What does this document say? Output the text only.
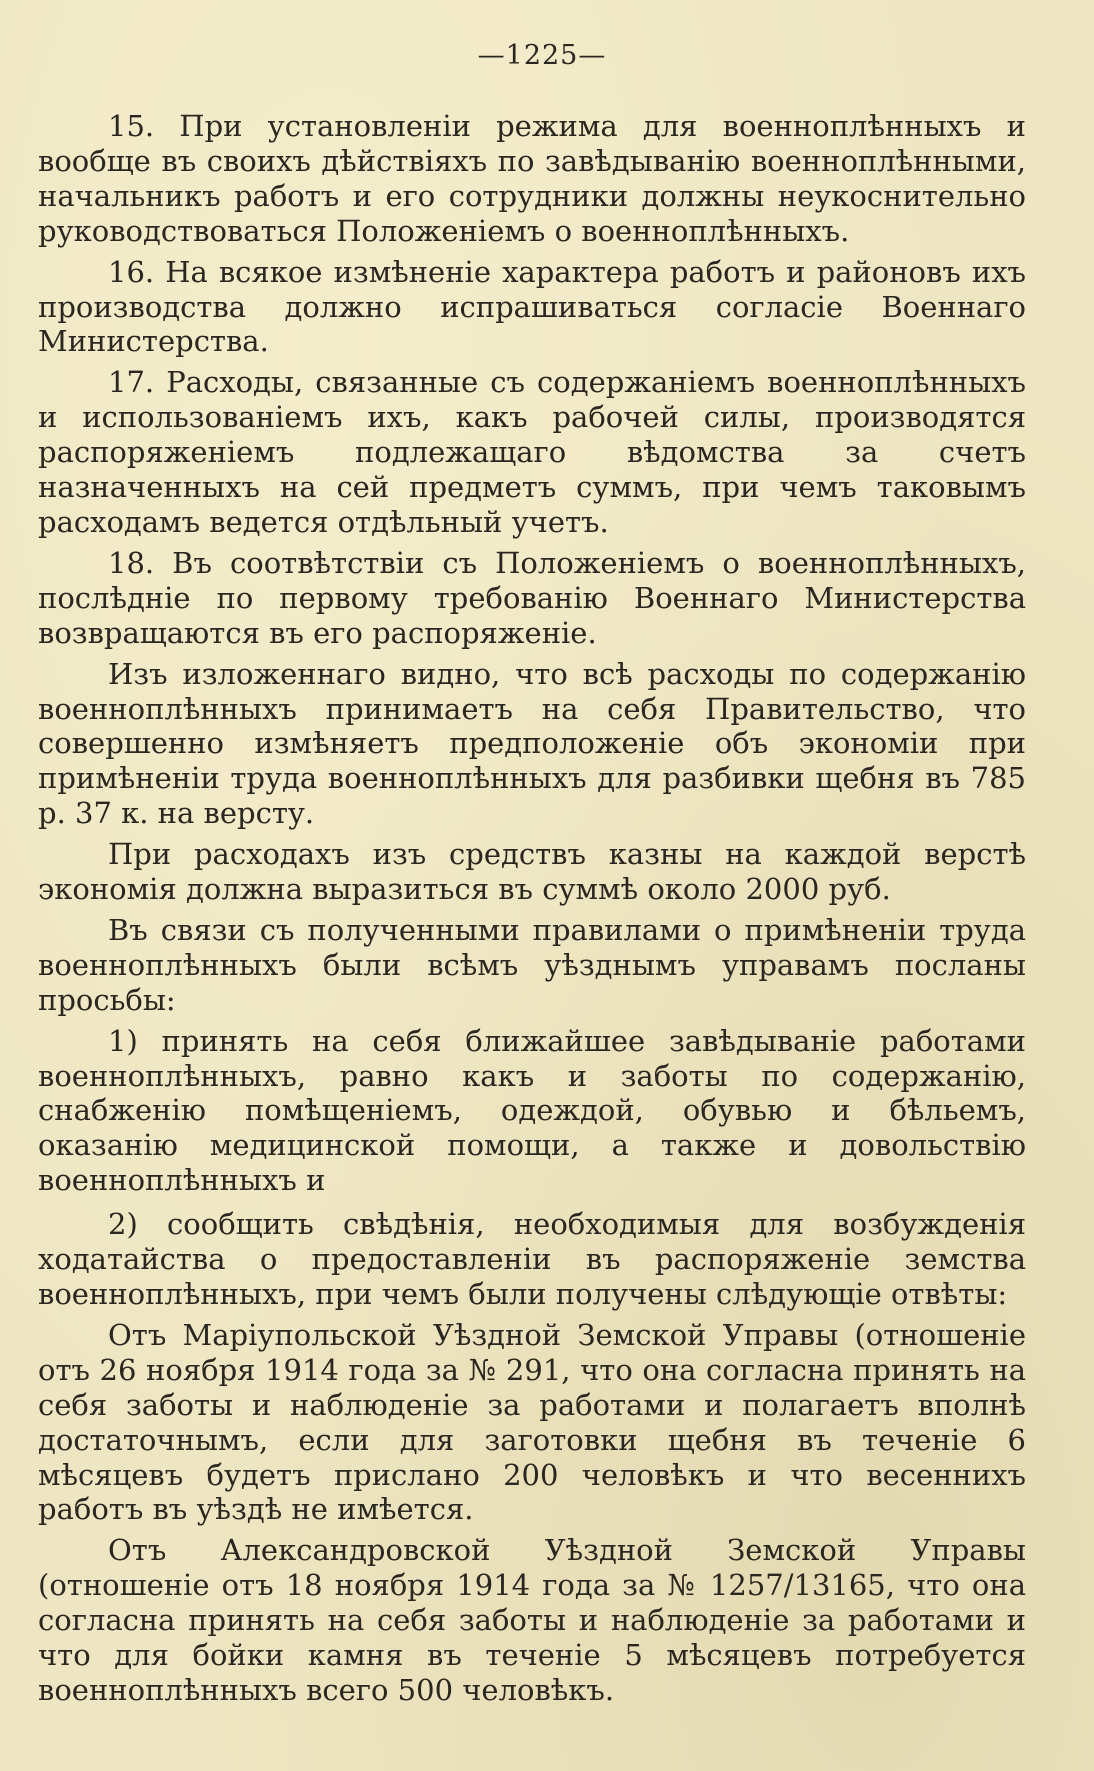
—1225—

15. При установленіи режима для военноплѣнныхъ и вообще въ своихъ дѣйствіяхъ по завѣдыванію военноплѣнными, начальникъ работъ и его сотрудники должны неукоснительно руководствоваться Положеніемъ о военноплѣнныхъ.

16. На всякое измѣненіе характера работъ и районовъ ихъ производства должно испрашиваться согласіе Военнаго Министерства.

17. Расходы, связанные съ содержаніемъ военноплѣнныхъ и использованіемъ ихъ, какъ рабочей силы, производятся распоряженіемъ подлежащаго вѣдомства за счетъ назначенныхъ на сей предметъ суммъ, при чемъ таковымъ расходамъ ведется отдѣльный учетъ.

18. Въ соотвѣтствіи съ Положеніемъ о военноплѣнныхъ, послѣдніе по первому требованію Военнаго Министерства возвращаются въ его распоряженіе.

Изъ изложеннаго видно, что всѣ расходы по содержанію военноплѣнныхъ принимаетъ на себя Правительство, что совершенно измѣняетъ предположеніе объ экономіи при примѣненіи труда военноплѣнныхъ для разбивки щебня въ 785 р. 37 к. на версту.

При расходахъ изъ средствъ казны на каждой верстѣ экономія должна выразиться въ суммѣ около 2000 руб.

Въ связи съ полученными правилами о примѣненіи труда военноплѣнныхъ были всѣмъ уѣзднымъ управамъ посланы просьбы:

1) принять на себя ближайшее завѣдываніе работами военноплѣнныхъ, равно какъ и заботы по содержанію, снабженію помѣщеніемъ, одеждой, обувью и бѣльемъ, оказанію медицинской помощи, а также и довольствію военноплѣнныхъ и

2) сообщить свѣдѣнія, необходимыя для возбужденія ходатайства о предоставленіи въ распоряженіе земства военноплѣнныхъ, при чемъ были получены слѣдующіе отвѣты:

Отъ Маріупольской Уѣздной Земской Управы (отношеніе отъ 26 ноября 1914 года за № 291, что она согласна принять на себя заботы и наблюденіе за работами и полагаетъ вполнѣ достаточнымъ, если для заготовки щебня въ теченіе 6 мѣсяцевъ будетъ прислано 200 человѣкъ и что весеннихъ работъ въ уѣздѣ не имѣется.

Отъ Александровской Уѣздной Земской Управы (отношеніе отъ 18 ноября 1914 года за № 1257/13165, что она согласна принять на себя заботы и наблюденіе за работами и что для бойки камня въ теченіе 5 мѣсяцевъ потребуется военноплѣнныхъ всего 500 человѣкъ.
